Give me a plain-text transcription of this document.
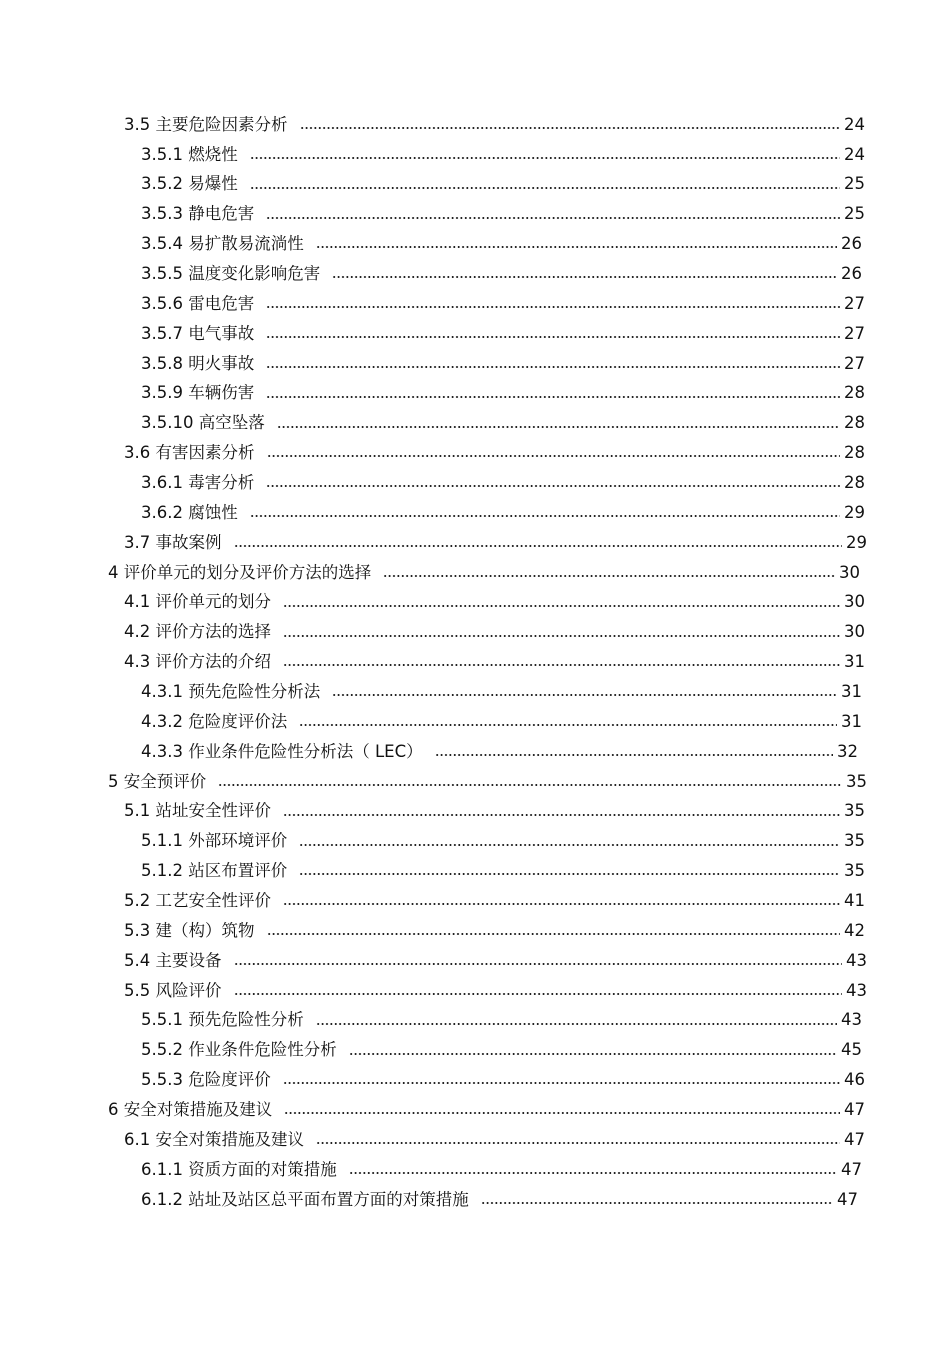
3.5 主要危险因素分析	24
3.5.1 燃烧性	24
3.5.2 易爆性	25
3.5.3 静电危害	25
3.5.4 易扩散易流淌性	26
3.5.5 温度变化影响危害	26
3.5.6 雷电危害	27
3.5.7 电气事故	27
3.5.8 明火事故	27
3.5.9 车辆伤害	28
3.5.10 高空坠落	28
3.6 有害因素分析	28
3.6.1 毒害分析	28
3.6.2 腐蚀性	29
3.7 事故案例	29
4 评价单元的划分及评价方法的选择	30
4.1 评价单元的划分	30
4.2 评价方法的选择	30
4.3 评价方法的介绍	31
4.3.1 预先危险性分析法	31
4.3.2 危险度评价法	31
4.3.3 作业条件危险性分析法（ LEC）	32
5 安全预评价	35
5.1 站址安全性评价	35
5.1.1 外部环境评价	35
5.1.2 站区布置评价	35
5.2 工艺安全性评价	41
5.3 建（构）筑物	42
5.4 主要设备	43
5.5 风险评价	43
5.5.1 预先危险性分析	43
5.5.2 作业条件危险性分析	45
5.5.3 危险度评价	46
6 安全对策措施及建议	47
6.1 安全对策措施及建议	47
6.1.1 资质方面的对策措施	47
6.1.2 站址及站区总平面布置方面的对策措施	47
